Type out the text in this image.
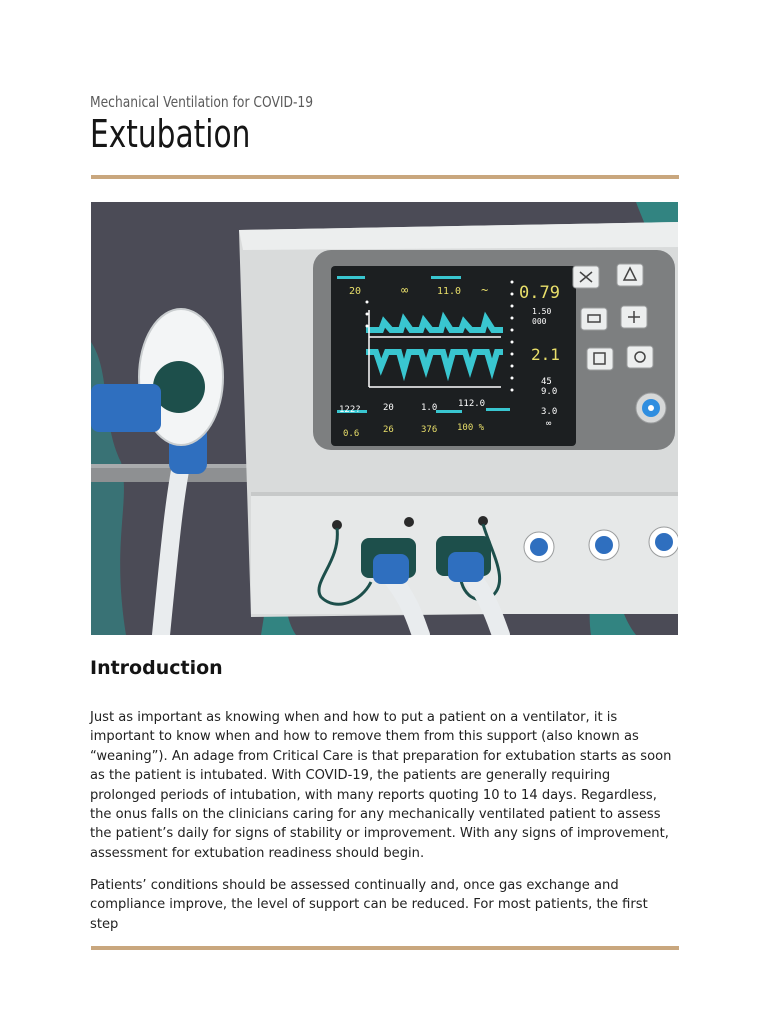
Mechanical Ventilation for COVID-19
Extubation
20	∞	11.0 ~ 0.79
1.50
000
2.1
45
9.0
122? 20	1.0 112.0
3.0
0.6	26	376 100 %	∞
Introduction

Just as important as knowing when and how to put a patient on a ventilator, it is important to know when and how to remove them from this support (also known as “weaning”). An adage from Critical Care is that preparation for extubation starts as soon as the patient is intubated. With COVID-19, the patients are generally requiring prolonged periods of intubation, with many reports quoting 10 to 14 days. Regardless, the onus falls on the clinicians caring for any mechanically ventilated patient to assess the patient’s daily for signs of stability or improvement. With any signs of improvement, assessment for extubation readiness should begin.

Patients’ conditions should be assessed continually and, once gas exchange and compliance improve, the level of support can be reduced. For most patients, the first step
